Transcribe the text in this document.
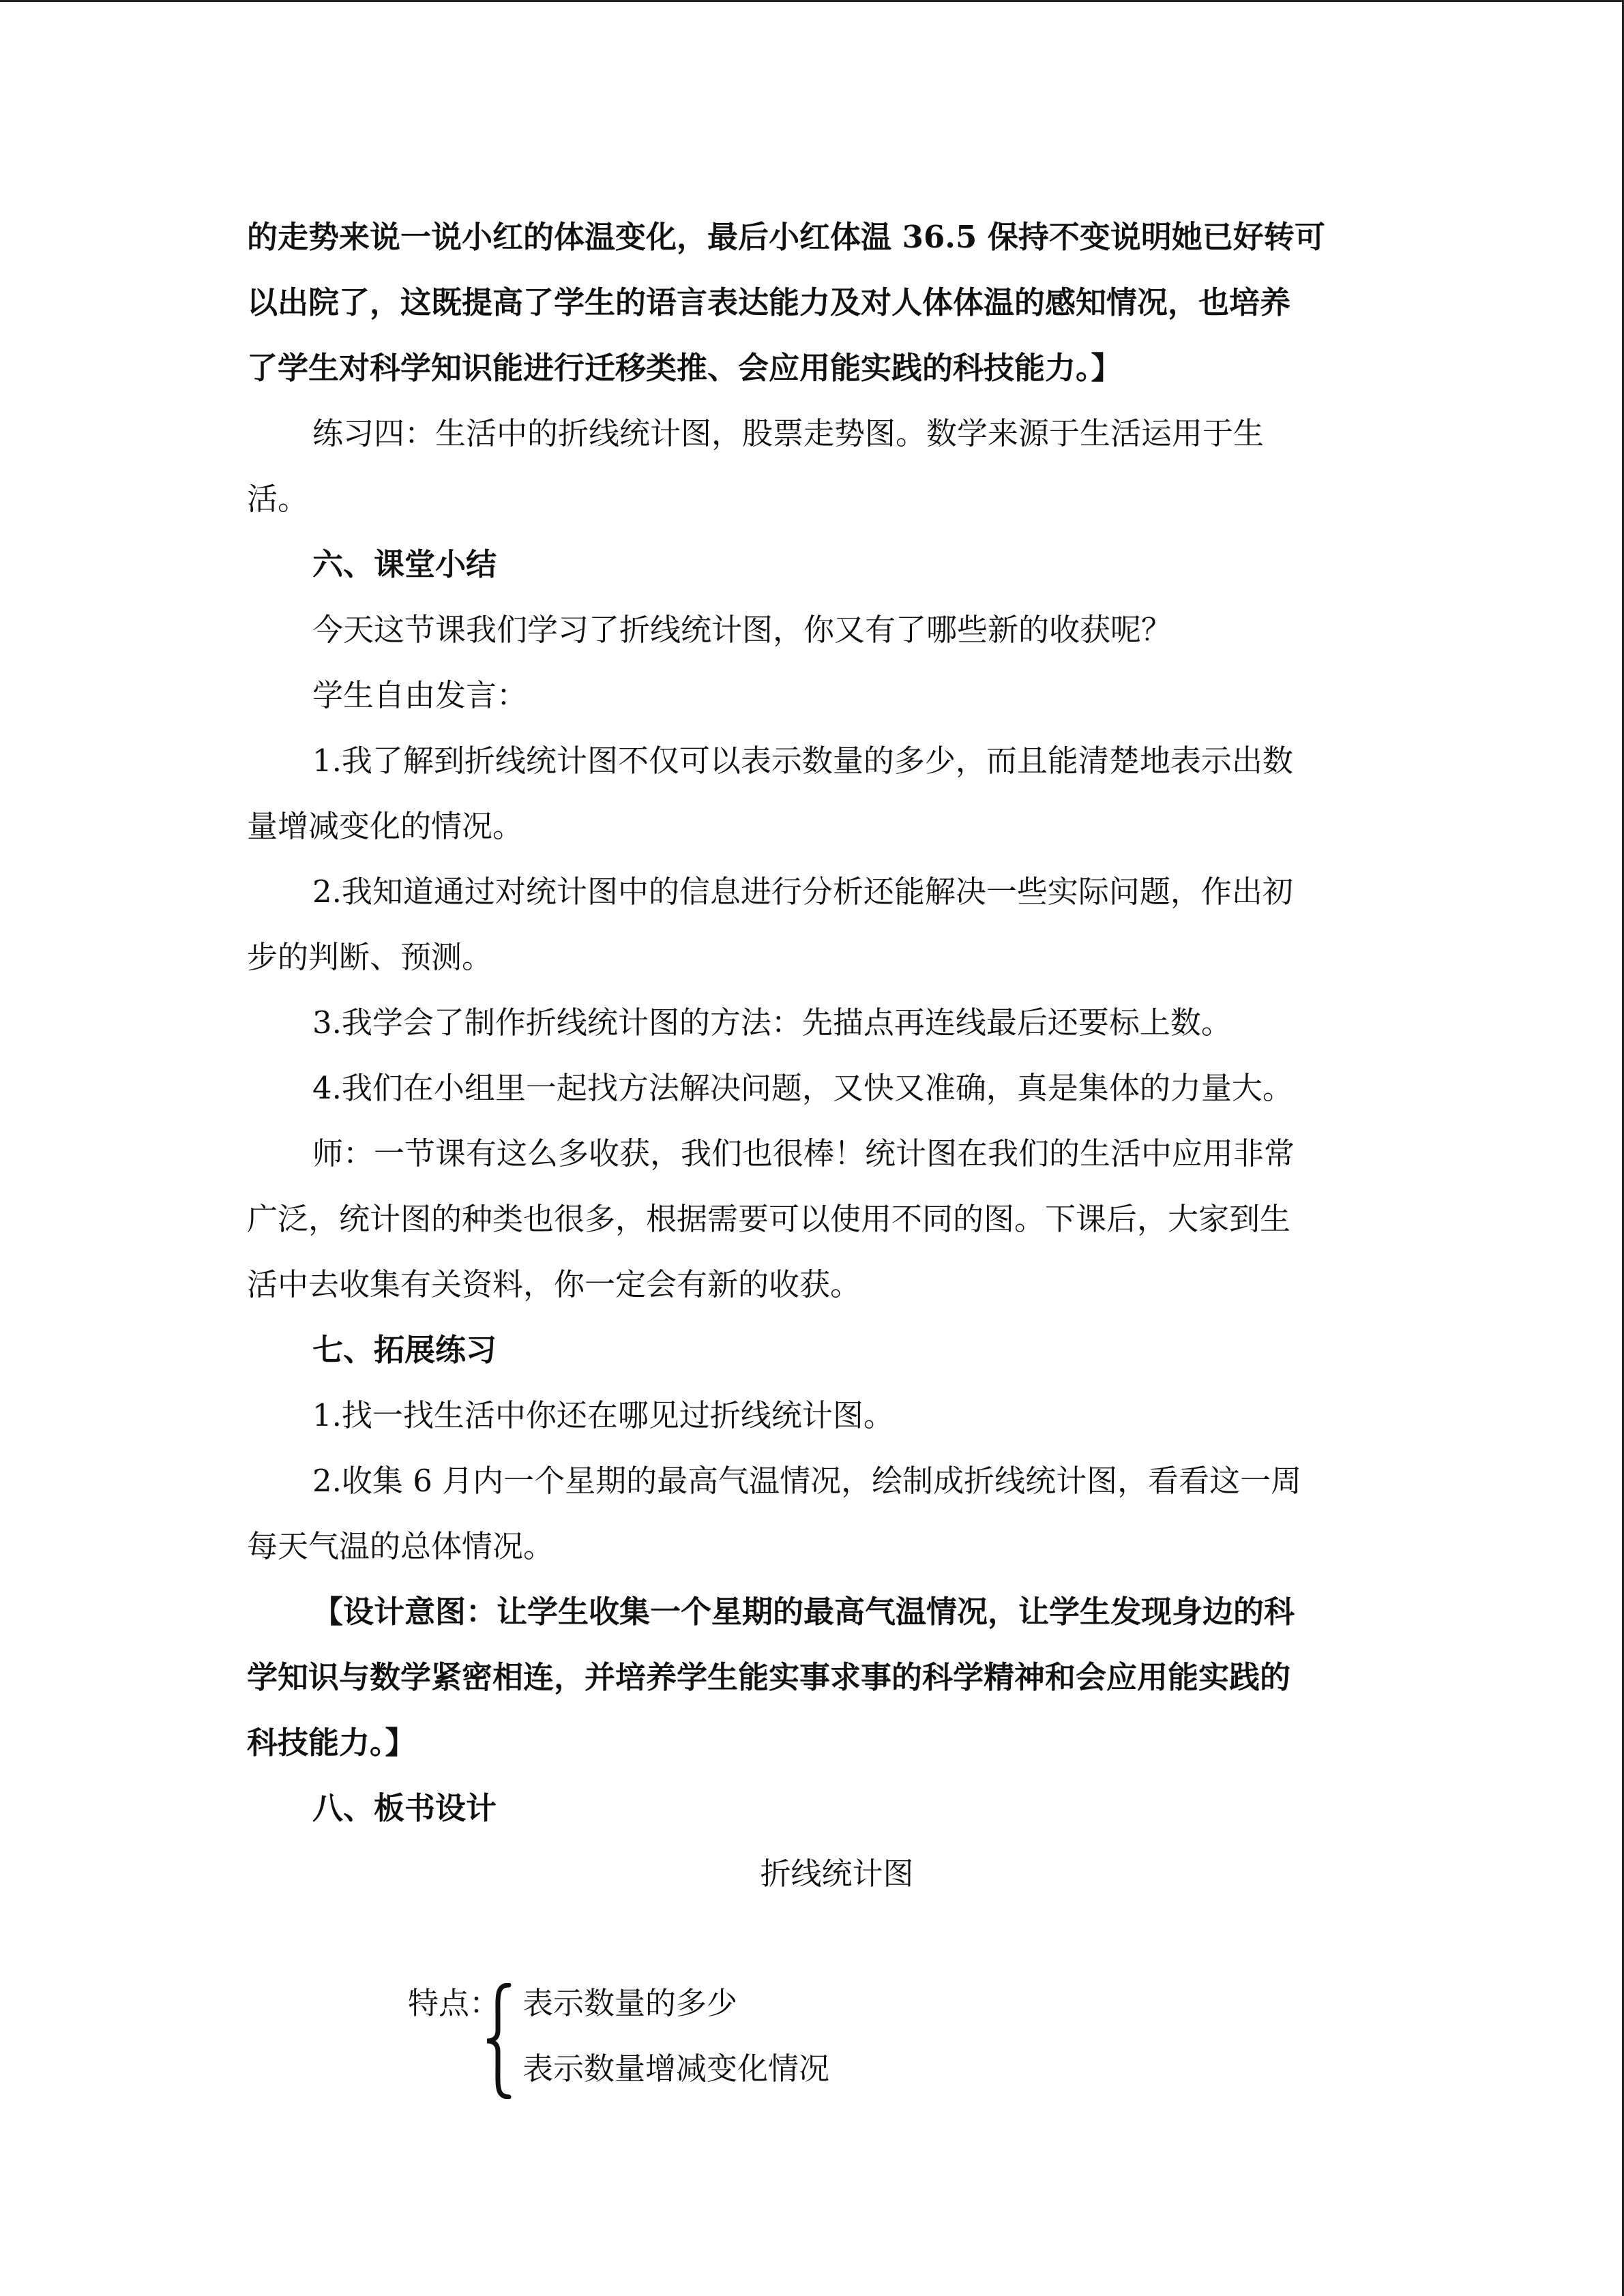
的走势来说一说小红的体温变化，最后小红体温 36.5 保持不变说明她已好转可

以出院了，这既提高了学生的语言表达能力及对人体体温的感知情况，也培养

了学生对科学知识能进行迁移类推、会应用能实践的科技能力。】

练习四：生活中的折线统计图，股票走势图。数学来源于生活运用于生

活。

六、课堂小结

今天这节课我们学习了折线统计图，你又有了哪些新的收获呢？

学生自由发言：

1.我了解到折线统计图不仅可以表示数量的多少，而且能清楚地表示出数

量增减变化的情况。

2.我知道通过对统计图中的信息进行分析还能解决一些实际问题，作出初

步的判断、预测。

3.我学会了制作折线统计图的方法：先描点再连线最后还要标上数。

4.我们在小组里一起找方法解决问题，又快又准确，真是集体的力量大。

师：一节课有这么多收获，我们也很棒！统计图在我们的生活中应用非常

广泛，统计图的种类也很多，根据需要可以使用不同的图。下课后，大家到生

活中去收集有关资料，你一定会有新的收获。

七、拓展练习

1.找一找生活中你还在哪见过折线统计图。

2.收集 6 月内一个星期的最高气温情况，绘制成折线统计图，看看这一周

每天气温的总体情况。

【设计意图：让学生收集一个星期的最高气温情况，让学生发现身边的科

学知识与数学紧密相连，并培养学生能实事求事的科学精神和会应用能实践的

科技能力。】

八、板书设计

折线统计图
特点： 表示数量的多少
表示数量增减变化情况
